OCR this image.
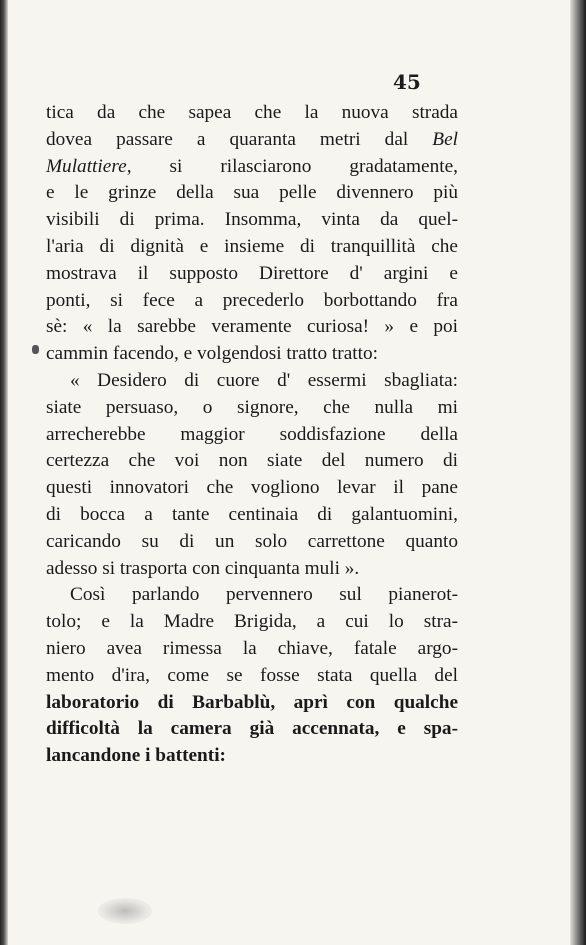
45
tica da che sapea che la nuova strada
dovea passare a quaranta metri dal Bel
Mulattiere, si rilasciarono gradatamente,
e le grinze della sua pelle divennero più
visibili di prima. Insomma, vinta da quel-
l'aria di dignità e insieme di tranquillità che
mostrava il supposto Direttore d' argini e
ponti, si fece a precederlo borbottando fra
sè: « la sarebbe veramente curiosa! » e poi
cammin facendo, e volgendosi tratto tratto:
« Desidero di cuore d' essermi sbagliata:
siate persuaso, o signore, che nulla mi
arrecherebbe maggior soddisfazione della
certezza che voi non siate del numero di
questi innovatori che vogliono levar il pane
di bocca a tante centinaia di galantuomini,
caricando su di un solo carrettone quanto
adesso si trasporta con cinquanta muli ».
Così parlando pervennero sul pianerot-
tolo; e la Madre Brigida, a cui lo stra-
niero avea rimessa la chiave, fatale argo-
mento d'ira, come se fosse stata quella del
laboratorio di Barbablù, aprì con qualche
difficoltà la camera già accennata, e spa-
lancandone i battenti:
